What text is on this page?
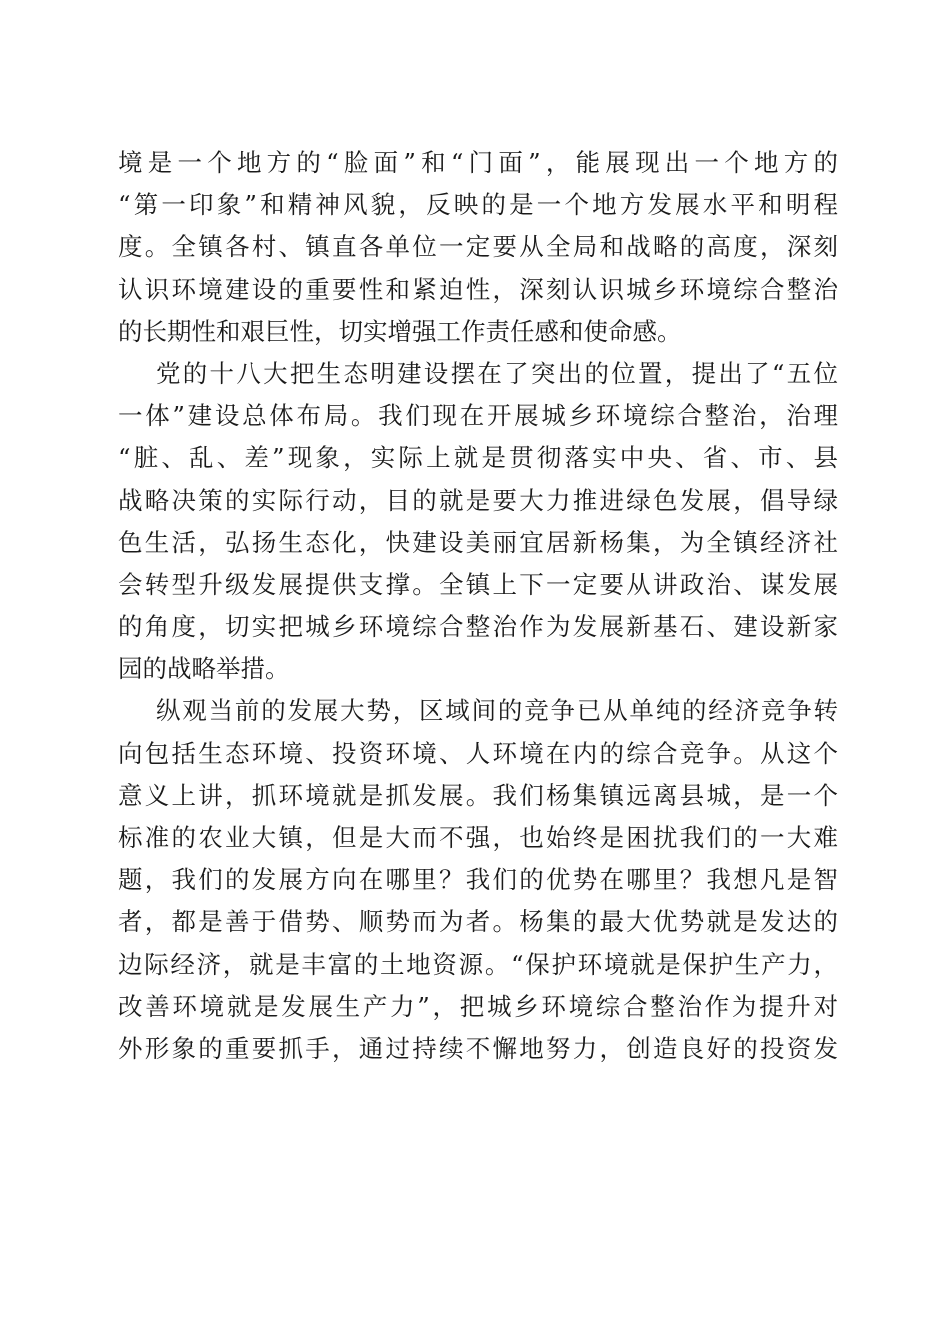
境是一个地方的“脸面”和“门面”，能展现出一个地方的
“第一印象”和精神风貌，反映的是一个地方发展水平和明程
度。全镇各村、镇直各单位一定要从全局和战略的高度，深刻
认识环境建设的重要性和紧迫性，深刻认识城乡环境综合整治
的长期性和艰巨性，切实增强工作责任感和使命感。
党的十八大把生态明建设摆在了突出的位置，提出了“五位
一体”建设总体布局。我们现在开展城乡环境综合整治，治理
“脏、乱、差”现象，实际上就是贯彻落实中央、省、市、县
战略决策的实际行动，目的就是要大力推进绿色发展，倡导绿
色生活，弘扬生态化，快建设美丽宜居新杨集，为全镇经济社
会转型升级发展提供支撑。全镇上下一定要从讲政治、谋发展
的角度，切实把城乡环境综合整治作为发展新基石、建设新家
园的战略举措。
纵观当前的发展大势，区域间的竞争已从单纯的经济竞争转
向包括生态环境、投资环境、人环境在内的综合竞争。从这个
意义上讲，抓环境就是抓发展。我们杨集镇远离县城，是一个
标准的农业大镇，但是大而不强，也始终是困扰我们的一大难
题，我们的发展方向在哪里？我们的优势在哪里？我想凡是智
者，都是善于借势、顺势而为者。杨集的最大优势就是发达的
边际经济，就是丰富的土地资源。“保护环境就是保护生产力，
改善环境就是发展生产力”，把城乡环境综合整治作为提升对
外形象的重要抓手，通过持续不懈地努力，创造良好的投资发
